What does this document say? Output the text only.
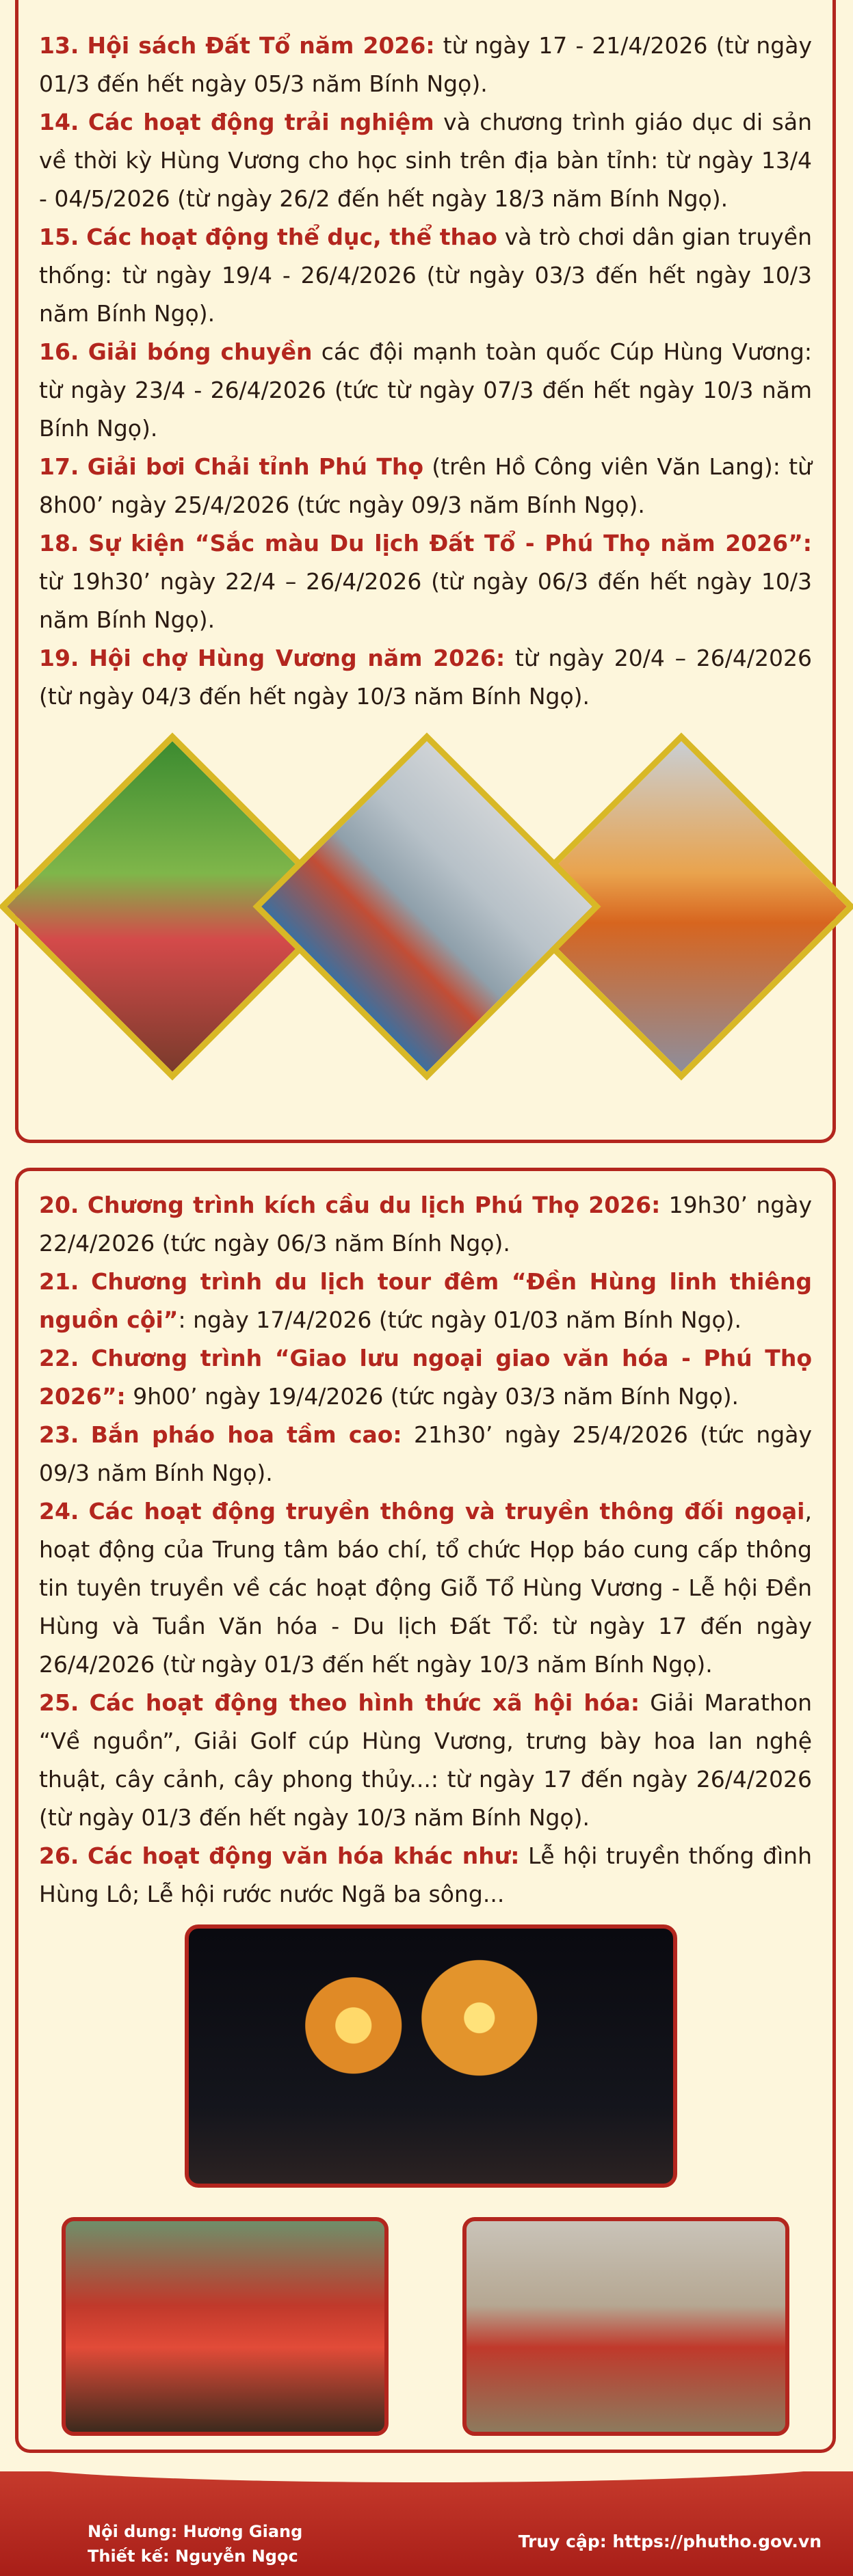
13. Hội sách Đất Tổ năm 2026: từ ngày 17 - 21/4/2026 (từ ngày 01/3 đến hết ngày 05/3 năm Bính Ngọ).

14. Các hoạt động trải nghiệm và chương trình giáo dục di sản về thời kỳ Hùng Vương cho học sinh trên địa bàn tỉnh: từ ngày 13/4 - 04/5/2026 (từ ngày 26/2 đến hết ngày 18/3 năm Bính Ngọ).

15. Các hoạt động thể dục, thể thao và trò chơi dân gian truyền thống: từ ngày 19/4 - 26/4/2026 (từ ngày 03/3 đến hết ngày 10/3 năm Bính Ngọ).

16. Giải bóng chuyền các đội mạnh toàn quốc Cúp Hùng Vương: từ ngày 23/4 - 26/4/2026 (tức từ ngày 07/3 đến hết ngày 10/3 năm Bính Ngọ).

17. Giải bơi Chải tỉnh Phú Thọ (trên Hồ Công viên Văn Lang): từ 8h00’ ngày 25/4/2026 (tức ngày 09/3 năm Bính Ngọ).

18. Sự kiện “Sắc màu Du lịch Đất Tổ - Phú Thọ năm 2026”: từ 19h30’ ngày 22/4 – 26/4/2026 (từ ngày 06/3 đến hết ngày 10/3 năm Bính Ngọ).

19. Hội chợ Hùng Vương năm 2026: từ ngày 20/4 – 26/4/2026 (từ ngày 04/3 đến hết ngày 10/3 năm Bính Ngọ).

20. Chương trình kích cầu du lịch Phú Thọ 2026: 19h30’ ngày 22/4/2026 (tức ngày 06/3 năm Bính Ngọ).

21. Chương trình du lịch tour đêm “Đền Hùng linh thiêng nguồn cội”: ngày 17/4/2026 (tức ngày 01/03 năm Bính Ngọ).

22. Chương trình “Giao lưu ngoại giao văn hóa - Phú Thọ 2026”: 9h00’ ngày 19/4/2026 (tức ngày 03/3 năm Bính Ngọ).

23. Bắn pháo hoa tầm cao: 21h30’ ngày 25/4/2026 (tức ngày 09/3 năm Bính Ngọ).

24. Các hoạt động truyền thông và truyền thông đối ngoại, hoạt động của Trung tâm báo chí, tổ chức Họp báo cung cấp thông tin tuyên truyền về các hoạt động Giỗ Tổ Hùng Vương - Lễ hội Đền Hùng và Tuần Văn hóa - Du lịch Đất Tổ: từ ngày 17 đến ngày 26/4/2026 (từ ngày 01/3 đến hết ngày 10/3 năm Bính Ngọ).

25. Các hoạt động theo hình thức xã hội hóa: Giải Marathon “Về nguồn”, Giải Golf cúp Hùng Vương, trưng bày hoa lan nghệ thuật, cây cảnh, cây phong thủy...: từ ngày 17 đến ngày 26/4/2026 (từ ngày 01/3 đến hết ngày 10/3 năm Bính Ngọ).

26. Các hoạt động văn hóa khác như: Lễ hội truyền thống đình Hùng Lô; Lễ hội rước nước Ngã ba sông...

Nội dung: Hương Giang
Thiết kế: Nguyễn Ngọc
Truy cập: https://phutho.gov.vn
